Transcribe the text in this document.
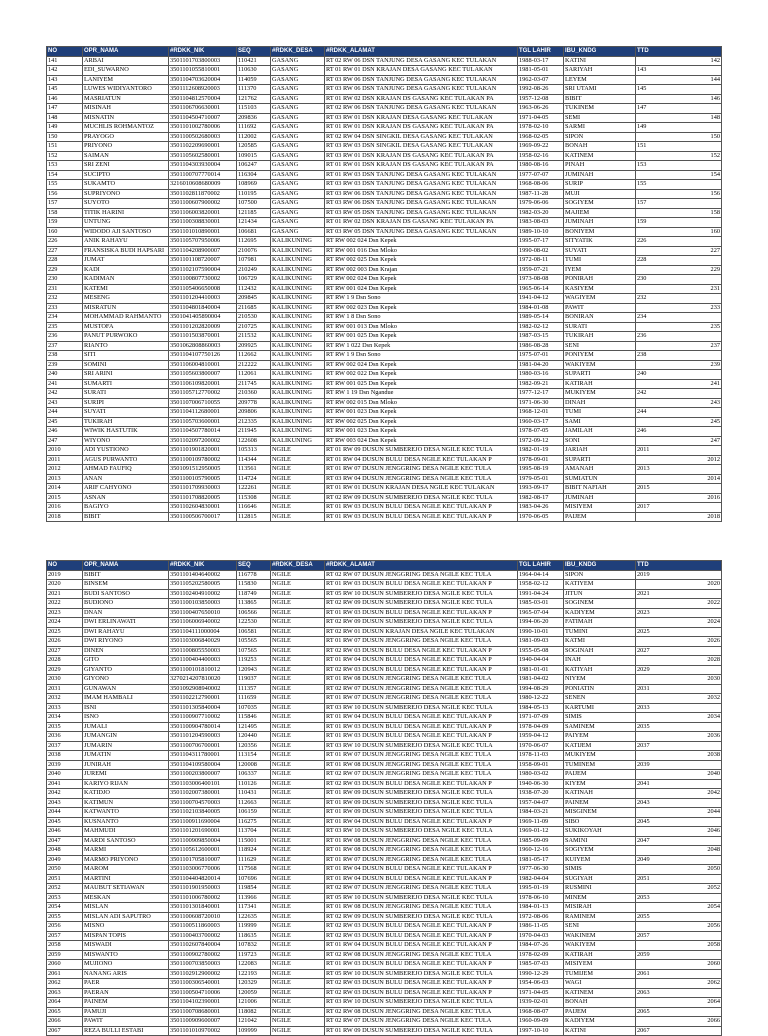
NO	OPR_NAMA	#RDKK_NIK	SEQ	#RDKK_DESA	#RDKK_ALAMAT	TGL LAHIR	IBU_KNDG	TTD
141	ARBAI	3501101703800003	110421	GASANG	RT 02 RW 06 DSN TANJUNG DESA GASANG KEC TULAKAN	1988-03-17	KATINI	142
142	EDI_SUWARNO	3501101055810001	110630	GASANG	RT 01 RW 01 DSN KRAJAN DESA GASANG KEC TULAKAN	1981-05-01	SARIYAH	143
143	LANIYEM	3501104703620004	114059	GASANG	RT 03 RW 06 DSN TANJUNG DESA GASANG KEC TULAKAN	1962-03-07	LEYEM	144
145	LUWES WIDIYANTORO	3501112608920003	111370	GASANG	RT 03 RW 06 DSN TANJUNG DESA GASANG KEC TULAKAN	1992-08-26	SRI UTAMI	145
146	MASRIATUN	3501104812570004	121762	GASANG	RT 01 RW 02 DSN KRAJAN DS GASANG KEC TULAKAN PA	1957-12-08	BIBIT	146
147	MISINAH	3501106706630001	115103	GASANG	RT 02 RW 06 DSN TANJUNG DESA GASANG KEC TULAKAN	1963-06-26	TUKINEM	147
148	MISNATIN	3501104504710007	209836	GASANG	RT 03 RW 01 DSN KRAJAN DESA GASANG KEC TULAKAN	1971-04-05	SEMI	148
149	MUCHLIS ROHMANTOZ	3501101002780006	111692	GASANG	RT 01 RW 01 DSN KRAJAN DS GASANG KEC TULAKAN PA	1978-02-10	SARMI	149
150	PRAYOGO	3501100502680003	112002	GASANG	RT 02 RW 04 DSN SINGKIL DESA GASANG KEC TULAKAN	1968-02-05	SIPON	150
151	PRIYONO	3501102209690001	120585	GASANG	RT 03 RW 03 DSN SINGKIL DESA GASANG KEC TULAKAN	1969-09-22	BONAH	151
152	SAIMAN	3501105602580001	109015	GASANG	RT 03 RW 01 DSN KRAJAN DS GASANG KEC TULAKAN PA	1958-02-16	KATINEM	152
153	SRI ZENI	3501104303930004	106247	GASANG	RT 01 RW 01 DSN KRAJAN DS GASANG KEC TULAKAN PA	1980-08-16	PINAH	153
154	SUCIPTO	3501100707770014	116304	GASANG	RT 01 RW 03 DSN TANJUNG DESA GASANG KEC TULAKAN	1977-07-07	JUMINAH	154
155	SUKAMTO	3216010608680009	108969	GASANG	RT 03 RW 03 DSN TANJUNG DESA GASANG KEC TULAKAN	1968-08-06	SURIP	155
156	SUPRIYONO	3501102811870002	110195	GASANG	RT 03 RW 06 DSN TANJUNG DESA GASANG KEC TULAKAN	1987-11-28	MUJI	156
157	SUYOTO	3501100607900002	107500	GASANG	RT 03 RW 06 DSN TANJUNG DESA GASANG KEC TULAKAN	1979-06-06	SOGIYEM	157
158	TITIK HARINI	3501106003820001	121185	GASANG	RT 03 RW 05 DSN TANJUNG DESA GASANG KEC TULAKAN	1982-03-20	MAJIEM	158
159	UNTUNG	3501100308830001	121434	GASANG	RT 01 RW 02 DSN KRAJAN DS GASANG KEC TULAKAN PA	1983-08-03	JUMINAH	159
160	WIDODO AJI SANTOSO	3501101010890001	106681	GASANG	RT 03 RW 05 DSN TANJUNG DESA GASANG KEC TULAKAN	1989-10-10	BONIYEM	160
226	ANIK RAHAYU	3501105707950006	112695	KALIKUNING	RT RW 002 024 Dsn Kepek	1995-07-17	SITYATIK	226
227	FRANSISKA BUDI HAPSARI	3501104208900007	210076	KALIKUNING	RT RW 001 016 Dsn Mloko	1990-08-02	SUYATI	227
228	JUMAT	3501101108720007	107981	KALIKUNING	RT RW 002 025 Dsn Kepek	1972-08-11	TUMI	228
229	KADI	3501102107590004	210249	KALIKUNING	RT RW 002 003 Dsn Krajan	1959-07-21	IYEM	229
230	KADIMAN	3501100807730002	106729	KALIKUNING	RT RW 002 024 Dsn Kepek	1973-08-08	PONIRAH	230
231	KATEMI	3501105406650008	112432	KALIKUNING	RT RW 001 024 Dsn Kepek	1965-06-14	KASIYEM	231
232	MESENG	3501101204410003	209845	KALIKUNING	RT RW 1 9 Dsn Sono	1941-04-12	WAGIYEM	232
233	MISRATUN	3501104801840004	211685	KALIKUNING	RT RW 002 023 Dsn Kepek	1984-01-08	PAWIT	233
234	MOHAMMAD RAHMANTO	3501041405890004	210530	KALIKUNING	RT RW 1 8 Dsn Sono	1989-05-14	BONIRAN	234
235	MUSTOFA	3501101202820009	210725	KALIKUNING	RT RW 001 013 Dsn Mloko	1982-02-12	SURATI	235
236	PANUT PURWOKO	3501101503870001	211532	KALIKUNING	RT RW 001 025 Dsn Kepek	1987-03-15	TUKIRAH	236
237	RIANTO	3501062808860003	209925	KALIKUNING	RT RW 1 022 Dsn Kepek	1986-08-28	SENI	237
238	SITI	3501104107750126	112662	KALIKUNING	RT RW 1 9 Dsn Sono	1975-07-01	PONIYEM	238
239	SOMINI	3501106004810001	212222	KALIKUNING	RT RW 002 024 Dsn Kepek	1981-04-20	WAKIYEM	239
240	SRI ARINI	3501105603800007	112061	KALIKUNING	RT RW 002 022 Dsn Kepek	1980-03-16	SUPARTI	240
241	SUMARTI	3501106109820001	211745	KALIKUNING	RT RW 001 025 Dsn Kepek	1982-09-21	KATIRAH	241
242	SURATI	3501105712770002	210360	KALIKUNING	RT RW 1 19 Dsn Ngandue	1977-12-17	MUKIYEM	242
243	SURIPI	3501107006710055	209778	KALIKUNING	RT RW 002 015 Dsn Mloko	1971-06-30	DINAH	243
244	SUYATI	3501104112680001	209806	KALIKUNING	RT RW 001 023 Dsn Kepek	1968-12-01	TUMI	244
245	TUKIRAH	3501105703600001	212335	KALIKUNING	RT RW 002 025 Dsn Kepek	1960-03-17	SAMI	245
246	WIWIK HASTUTIK	3501104507780014	211945	KALIKUNING	RT RW 001 023 Dsn Kepek	1978-07-05	JAMILAH	246
247	WIYONO	3501102097200002	122608	KALIKUNING	RT RW 003 024 Dsn Kepek	1972-09-12	SONI	247
2010	ADI YUSTIONO	3501101901820001	105313	NGILE	RT 01 RW 09 DUSUN SUMBEREJO DESA NGILE KEC TULA	1982-01-19	JARIAH	2011
2011	AGUS PURWANTO	3501100109780002	114344	NGILE	RT 01 RW 04 DUSUN BULU DESA NGILE KEC TULAKAN P	1978-09-01	SUPARTI	2012
2012	AHMAD FAUFIQ	3501091512950005	113561	NGILE	RT 01 RW 07 DUSUN JENGGRING DESA NGILE KEC TULA	1995-08-19	AMANAH	2013
2013	ANAN	3501100105790005	114724	NGILE	RT 03 RW 04 DUSUN JENGGRING DESA NGILE KEC TULA	1979-05-01	SUMIATUN	2014
2014	ARIF CAHYONO	3501101709930003	122261	NGILE	RT 01 RW 01 DUSUN KRAJAN DESA NGILE KEC TULAKAN	1993-09-17	BIBIT NAFIAH	2015
2015	ASNAN	3501101708820005	115308	NGILE	RT 02 RW 09 DUSUN SUMBEREJO DESA NGILE KEC TULA	1982-08-17	JUMINAH	2016
2016	BAGIYO	3501102604830001	116646	NGILE	RT 01 RW 03 DUSUN BULU DESA NGILE KEC TULAKAN P	1983-04-26	MISIYEM	2017
2018	BIBIT	3501100506700017	112815	NGILE	RT 01 RW 03 DUSUN BULU DESA NGILE KEC TULAKAN P	1970-06-05	PAIJEM	2018
NO	OPR_NAMA	#RDKK_NIK	SEQ	#RDKK_DESA	#RDKK_ALAMAT	TGL LAHIR	IBU_KNDG	TTD
2019	BIBIT	3501101404640002	116778	NGILE	RT 02 RW 07 DUSUN JENGGRING DESA NGILE KEC TULA	1964-04-14	SIPON	2019
2020	BINSEM	3501105202580005	115830	NGILE	RT 01 RW 03 DUSUN BULU DESA NGILE KEC TULAKAN P	1958-02-12	KATIYEM	2020
2021	BUDI SANTOSO	3501102404910002	118749	NGILE	RT 05 RW 10 DUSUN SUMBEREJO DESA NGILE KEC TULA	1991-04-24	JITUN	2021
2022	BUDIONO	3501100103850003	113865	NGILE	RT 02 RW 09 DUSUN SUMBEREJO DESA NGILE KEC TULA	1985-03-01	SOGINEM	2022
2023	DNAN	3501100407650010	106566	NGILE	RT 01 RW 03 DUSUN BULU DESA NGILE KEC TULAKAN P	1965-07-04	KADIYEM	2023
2024	DWI ERLINAWATI	3501106006940002	122530	NGILE	RT 02 RW 09 DUSUN SUMBEREJO DESA NGILE KEC TULA	1994-06-20	FATIMAH	2024
2025	DWI RAHAYU	3501104111000004	106581	NGILE	RT 02 RW 01 DUSUN KRAJAN DESA NGILE KEC TULAKAN	1990-10-01	TUMINI	2025
2026	DWI RIYONO	3501103006840029	105565	NGILE	RT 01 RW 07 DUSUN JENGGRING DESA NGILE KEC TULA	1981-09-03	KATMI	2026
2027	DINEN	3501100805550003	107565	NGILE	RT 02 RW 03 DUSUN BULU DESA NGILE KEC TULAKAN P	1955-05-08	SOGINAH	2027
2028	GITO	3501100404400003	119253	NGILE	RT 01 RW 04 DUSUN BULU DESA NGILE KEC TULAKAN P	1940-04-04	INAH	2028
2029	GIYANTO	3501100101810012	120943	NGILE	RT 02 RW 03 DUSUN BULU DESA NGILE KEC TULAKAN P	1981-01-01	KATIYAH	2029
2030	GIYONO	3270214207810020	119037	NGILE	RT 01 RW 08 DUSUN JENGGRING DESA NGILE KEC TULA	1981-04-02	NIYEM	2030
2031	GUNAWAN	3501092908940002	111357	NGILE	RT 02 RW 07 DUSUN JENGGRING DESA NGILE KEC TULA	1994-08-29	PONIATIN	2031
2032	IMAM HAMBALI	3501102212790001	111659	NGILE	RT 01 RW 07 DUSUN JENGGRING DESA NGILE KEC TULA	1980-12-22	SENEN	2032
2033	ISNI	3501101305840004	107035	NGILE	RT 03 RW 10 DUSUN SUMBEREJO DESA NGILE KEC TULA	1984-05-13	KARTUMI	2033
2034	ISNO	3501100907710002	115846	NGILE	RT 01 RW 04 DUSUN BULU DESA NGILE KEC TULAKAN P	1971-07-09	SIMIS	2034
2035	JUMALI	3501100904780014	121495	NGILE	RT 01 RW 03 DUSUN BULU DESA NGILE KEC TULAKAN P	1978-04-09	SAMINEM	2035
2036	JUMANGIN	3501101204590003	120440	NGILE	RT 01 RW 03 DUSUN BULU DESA NGILE KEC TULAKAN P	1959-04-12	PAIYEM	2036
2037	JUMARIN	3501100706700001	120356	NGILE	RT 03 RW 10 DUSUN SUMBEREJO DESA NGILE KEC TULA	1970-06-07	KATIJEM	2037
2038	JUMATIN	3501104311780001	113154	NGILE	RT 01 RW 07 DUSUN JENGGRING DESA NGILE KEC TULA	1978-11-03	MUKIYEM	2038
2039	JUNIRAH	3501104109580004	120008	NGILE	RT 01 RW 08 DUSUN JENGGRING DESA NGILE KEC TULA	1958-09-01	TUMINEM	2039
2040	JUREMI	3501100203800007	106337	NGILE	RT 02 RW 07 DUSUN JENGGRING DESA NGILE KEC TULA	1980-03-02	PAIJEM	2040
2041	KARIYO RIJAN	3501103006400101	110126	NGILE	RT 02 RW 03 DUSUN BULU DESA NGILE KEC TULAKAN P	1940-06-30	KIYEM	2041
2042	KATIDJO	3501102007380001	110431	NGILE	RT 01 RW 09 DUSUN SUMBEREJO DESA NGILE KEC TULA	1938-07-20	KATINAH	2042
2043	KATIMUN	3501100704570003	112663	NGILE	RT 01 RW 09 DUSUN SUMBEREJO DESA NGILE KEC TULA	1957-04-07	PAINEM	2043
2044	KATWANTO	3501102103840005	106159	NGILE	RT 01 RW 09 DUSUN SUMBEREJO DESA NGILE KEC TULA	1984-03-21	MISGINEM	2044
2045	KUSNANTO	3501100911690004	116275	NGILE	RT 01 RW 04 DUSUN BULU DESA NGILE KEC TULAKAN P	1969-11-09	SIBO	2045
2046	MAHMUDI	3501101201690001	113704	NGILE	RT 03 RW 10 DUSUN SUMBEREJO DESA NGILE KEC TULA	1969-01-12	SUKIKOYAH	2046
2047	MARDI SANTOSO	3501100909850004	115001	NGILE	RT 01 RW 08 DUSUN JENGGRING DESA NGILE KEC TULA	1985-09-09	SAMINI	2047
2048	MARMI	3501105612600001	118924	NGILE	RT 01 RW 08 DUSUN JENGGRING DESA NGILE KEC TULA	1960-12-16	SOGIYEM	2048
2049	MARMO PRIYONO	3501101705810007	111629	NGILE	RT 01 RW 07 DUSUN JENGGRING DESA NGILE KEC TULA	1981-05-17	KUIYEM	2049
2050	MAROM	3501103006770006	117568	NGILE	RT 01 RW 04 DUSUN BULU DESA NGILE KEC TULAKAN P	1977-06-30	SIMIS	2050
2051	MARTINI	3501104404820014	107696	NGILE	RT 01 RW 04 DUSUN BULU DESA NGILE KEC TULAKAN P	1982-04-04	SUGIYAH	2051
2052	MAUBUT SETIAWAN	3501101901950003	119854	NGILE	RT 02 RW 07 DUSUN JENGGRING DESA NGILE KEC TULA	1995-01-19	RUSMINI	2052
2053	MESKAN	3501101006780002	113966	NGILE	RT 05 RW 10 DUSUN SUMBEREJO DESA NGILE KEC TULA	1978-06-10	MINEM	2053
2054	MISLAN	3501101301840001	117341	NGILE	RT 01 RW 08 DUSUN JENGGRING DESA NGILE KEC TULA	1984-01-13	MISIRAH	2054
2055	MISLAN ADI SAPUTRO	3501100608720010	122635	NGILE	RT 02 RW 09 DUSUN SUMBEREJO DESA NGILE KEC TULA	1972-08-06	RAMINEM	2055
2056	MISNO	3501100511860003	119999	NGILE	RT 02 RW 03 DUSUN BULU DESA NGILE KEC TULAKAN P	1986-11-05	SENI	2056
2057	MISPAN TOPIS	3501100403700002	118635	NGILE	RT 02 RW 03 DUSUN BULU DESA NGILE KEC TULAKAN P	1970-04-03	WAKINEM	2057
2058	MISWADI	3501102607840004	107832	NGILE	RT 01 RW 04 DUSUN BULU DESA NGILE KEC TULAKAN P	1984-07-26	WAKIYEM	2058
2059	MISWANTO	3501100902780002	119723	NGILE	RT 02 RW 08 DUSUN JENGGRING DESA NGILE KEC TULA	1978-02-09	KATIRAH	2059
2060	MUJIONO	3501100703850003	122083	NGILE	RT 01 RW 03 DUSUN BULU DESA NGILE KEC TULAKAN P	1985-07-03	MISIYEM	2060
2061	NANANG ARIS	3501102912900002	122193	NGILE	RT 05 RW 10 DUSUN SUMBEREJO DESA NGILE KEC TULA	1990-12-29	TUMIJEM	2061
2062	PAER	3501100306540001	120329	NGILE	RT 02 RW 03 DUSUN BULU DESA NGILE KEC TULAKAN P	1954-06-03	WAGI	2062
2063	PAERAN	3501100504710006	120059	NGILE	RT 02 RW 03 DUSUN BULU DESA NGILE KEC TULAKAN P	1971-04-05	KATINEM	2063
2064	PAINEM	3501104102390001	121006	NGILE	RT 03 RW 10 DUSUN SUMBEREJO DESA NGILE KEC TULA	1939-02-01	BONAH	2064
2065	PAMUJI	3501100708680001	118082	NGILE	RT 02 RW 08 DUSUN JENGGRING DESA NGILE KEC TULA	1968-08-07	PAIJEM	2065
2066	PAWIT	3501100909600007	121042	NGILE	RT 02 RW 07 DUSUN JENGGRING DESA NGILE KEC TULA	1960-09-09	KADIYEM	2066
2067	REZA BULLI ESTABI	3501101010970002	109999	NGILE	RT 01 RW 09 DUSUN SUMBEREJO DESA NGILE KEC TULA	1997-10-10	KATINI	2067
